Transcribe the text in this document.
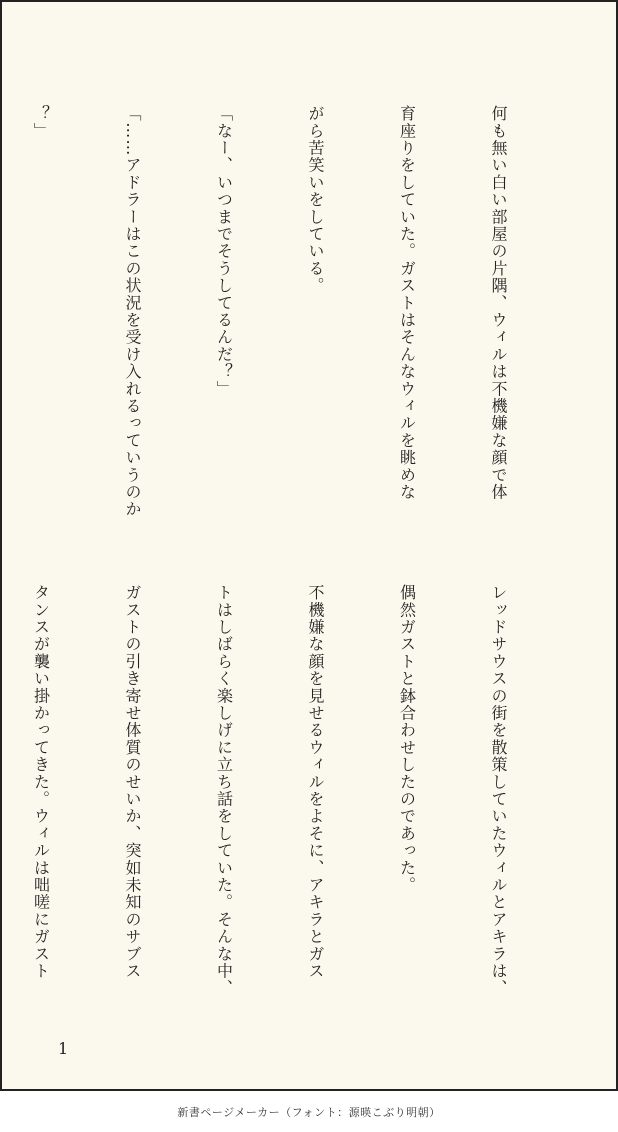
何も無い白い部屋の片隅、ウィルは不機嫌な顔で体

育座りをしていた。ガストはそんなウィルを眺めな

がら苦笑いをしている。

「なー、いつまでそうしてるんだ？」

「……アドラーはこの状況を受け入れるっていうのか

？」

レッドサウスの街を散策していたウィルとアキラは、

偶然ガストと鉢合わせしたのであった。

不機嫌な顔を見せるウィルをよそに、アキラとガス

トはしばらく楽しげに立ち話をしていた。そんな中、

ガストの引き寄せ体質のせいか、突如未知のサブス

タンスが襲い掛かってきた。ウィルは咄嗟にガスト

1
新書ページメーカー（フォント：源暎こぶり明朝）
